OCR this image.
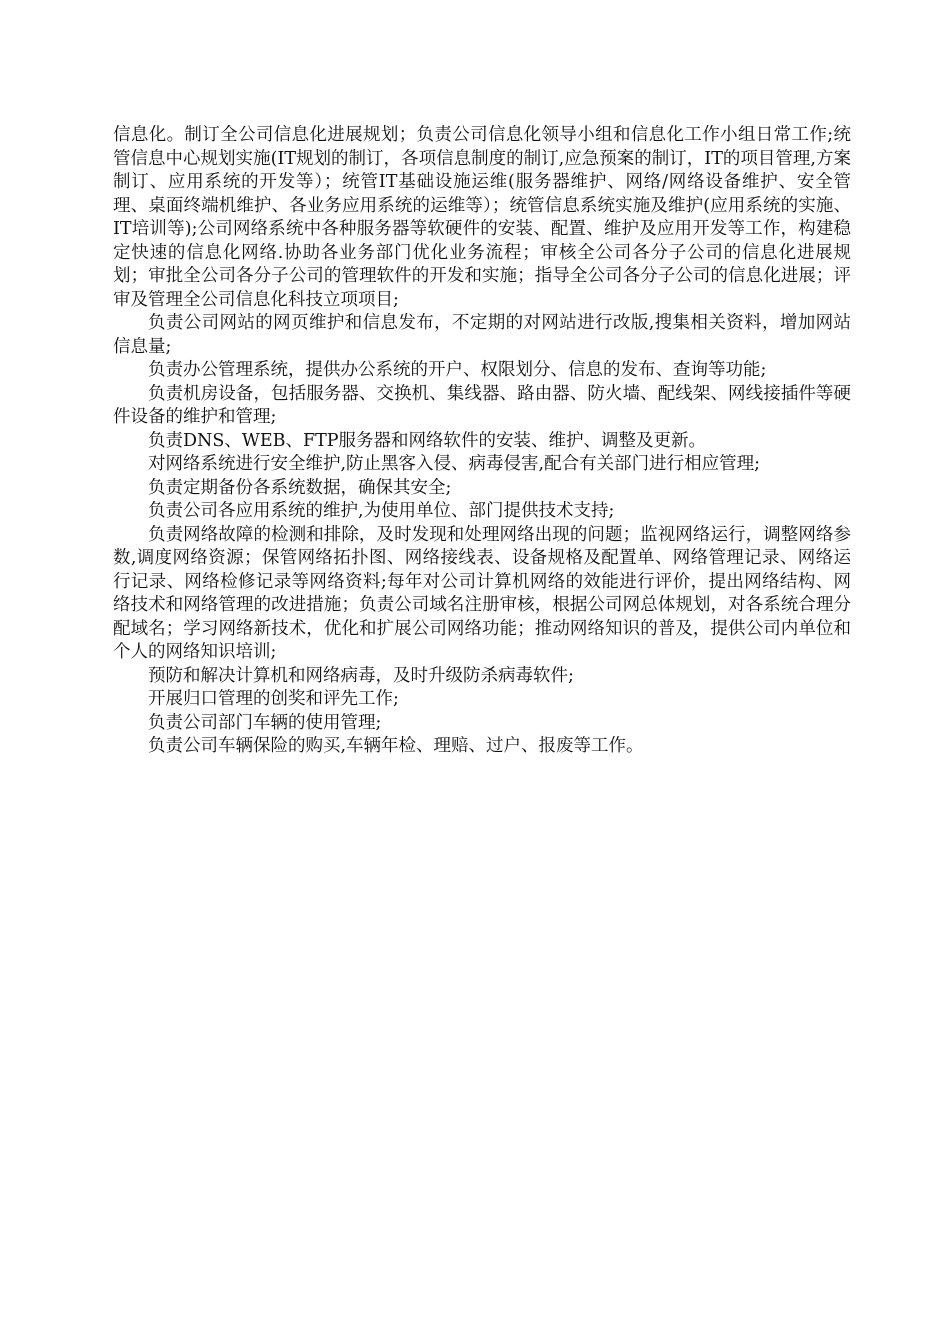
信息化。制订全公司信息化进展规划；负责公司信息化领导小组和信息化工作小组日常工作;统管信息中心规划实施(IT规划的制订，各项信息制度的制订,应急预案的制订，IT的项目管理,方案制订、应用系统的开发等）；统管IT基础设施运维(服务器维护、网络/网络设备维护、安全管理、桌面终端机维护、各业务应用系统的运维等）；统管信息系统实施及维护(应用系统的实施、IT培训等);公司网络系统中各种服务器等软硬件的安装、配置、维护及应用开发等工作，构建稳定快速的信息化网络.协助各业务部门优化业务流程；审核全公司各分子公司的信息化进展规划；审批全公司各分子公司的管理软件的开发和实施；指导全公司各分子公司的信息化进展；评审及管理全公司信息化科技立项项目;

负责公司网站的网页维护和信息发布，不定期的对网站进行改版,搜集相关资料，增加网站信息量;

负责办公管理系统，提供办公系统的开户、权限划分、信息的发布、查询等功能;

负责机房设备，包括服务器、交换机、集线器、路由器、防火墙、配线架、网线接插件等硬件设备的维护和管理;

负责DNS、WEB、FTP服务器和网络软件的安装、维护、调整及更新。

对网络系统进行安全维护,防止黑客入侵、病毒侵害,配合有关部门进行相应管理;

负责定期备份各系统数据，确保其安全;

负责公司各应用系统的维护,为使用单位、部门提供技术支持;

负责网络故障的检测和排除，及时发现和处理网络出现的问题；监视网络运行，调整网络参数,调度网络资源；保管网络拓扑图、网络接线表、设备规格及配置单、网络管理记录、网络运行记录、网络检修记录等网络资料;每年对公司计算机网络的效能进行评价，提出网络结构、网络技术和网络管理的改进措施；负责公司域名注册审核，根据公司网总体规划，对各系统合理分配域名；学习网络新技术，优化和扩展公司网络功能；推动网络知识的普及，提供公司内单位和个人的网络知识培训;

预防和解决计算机和网络病毒，及时升级防杀病毒软件;

开展归口管理的创奖和评先工作;

负责公司部门车辆的使用管理;

负责公司车辆保险的购买,车辆年检、理赔、过户、报废等工作。
